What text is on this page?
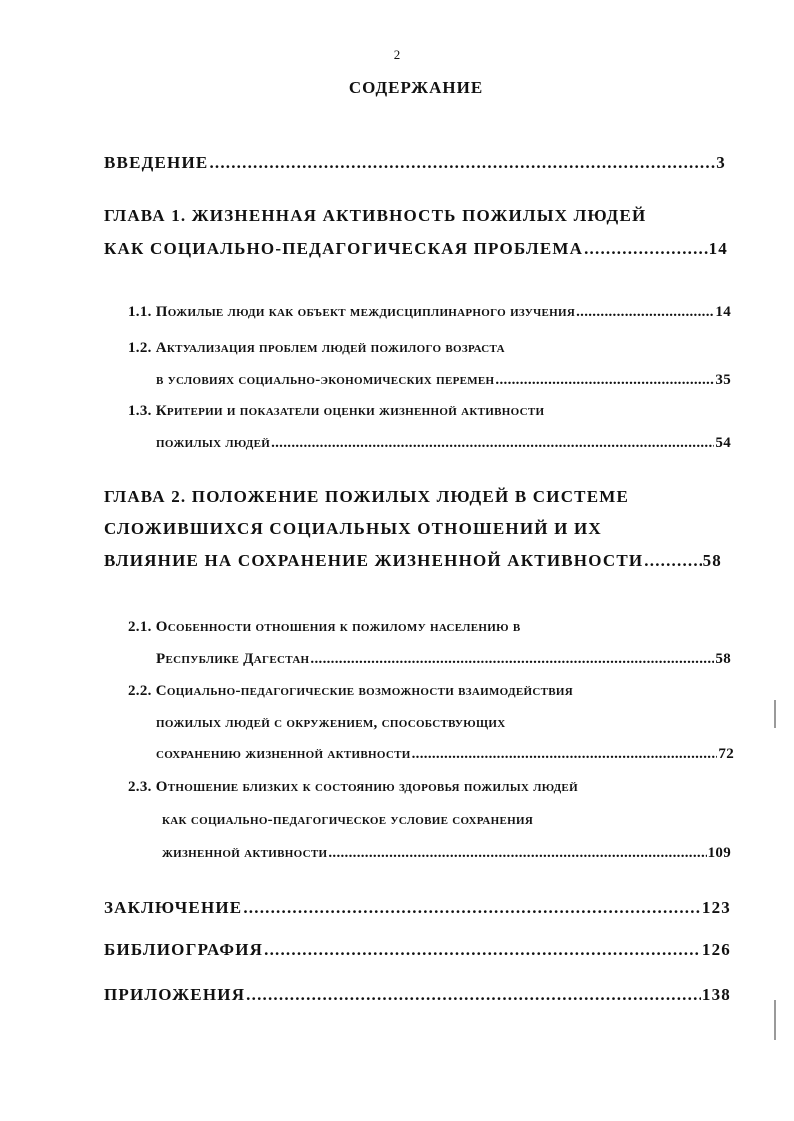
2
СОДЕРЖАНИЕ
ВВЕДЕНИЕ .....	3
ГЛАВА 1. ЖИЗНЕННАЯ АКТИВНОСТЬ ПОЖИЛЫХ ЛЮДЕЙ
КАК СОЦИАЛЬНО-ПЕДАГОГИЧЕСКАЯ ПРОБЛЕМА .....	14
1.1. Пожилые люди как объект междисциплинарного изучения .....	14
1.2. Актуализация проблем людей пожилого возраста
в условиях социально-экономических перемен .....	35
1.3. Критерии и показатели оценки жизненной активности
пожилых людей .....	54
ГЛАВА 2. ПОЛОЖЕНИЕ ПОЖИЛЫХ ЛЮДЕЙ В СИСТЕМЕ
СЛОЖИВШИХСЯ СОЦИАЛЬНЫХ ОТНОШЕНИЙ И ИХ
ВЛИЯНИЕ НА СОХРАНЕНИЕ ЖИЗНЕННОЙ АКТИВНОСТИ .....	58
2.1. Особенности отношения к пожилому населению в
Республике Дагестан .....	58
2.2. Социально-педагогические возможности взаимодействия
пожилых людей с окружением, способствующих
сохранению жизненной активности .....	72
2.3. Отношение близких к состоянию здоровья пожилых людей
как социально-педагогическое условие сохранения
жизненной активности .....	109
ЗАКЛЮЧЕНИЕ .....	123
БИБЛИОГРАФИЯ .....	126
ПРИЛОЖЕНИЯ .....	138
